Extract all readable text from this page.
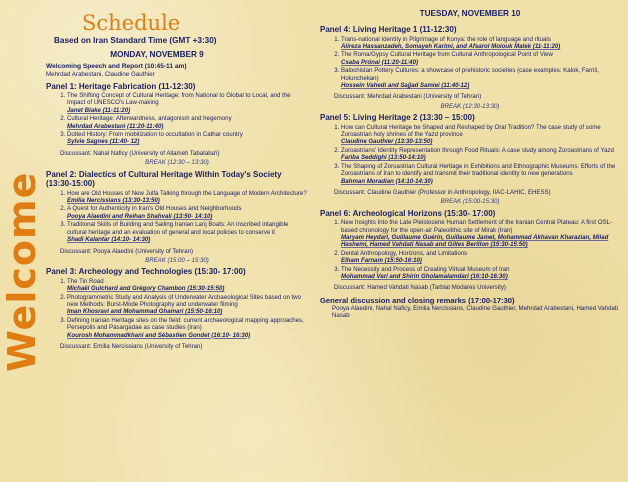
Welcome
Schedule
Based on Iran Standard Time (GMT +3:30)
MONDAY, NOVEMBER 9
Welcoming Speech and Report (10:45-11 am)
Mehrdad Arabestani, Claudine Gauthier
Panel 1: Heritage Fabrication (11-12:30)
1. The Shifting Concept of Cultural Heritage: from National to Global to Local, and the Impact of UNESCO's Law-making
Janet Blake (11-11:20)
2. Cultural Heritage: Afterwardness, antagonism and hegemony
Mehrdad Arabestani (11:20-11:40)
3. Dotted History: From mobilization to occultation in Cathar country
Sylvie Sagnes (11:40- 12)
Discussant: Nahal Naficy (University of Allameh Tabataba'i)
BREAK (12:30 – 13:30)
Panel 2: Dialectics of Cultural Heritage Within Today's Society (13:30-15:00)
1. How are Old Houses of New Julfa Talking through the Language of Modern Architecture?
Emilia Nercissians (13:30-13:50)
2. A Quest for Authenticity in Iran's Old Houses and Neighborhoods
Pooya Alaedini and Reihan Shahvali (13:50- 14:10)
3. Traditional Skills of Building and Sailing Iranian Lanj Boats: An inscribed intangible cultural heritage and an evaluation of general and local policies to conserve it
Shadi Kalantar (14:10- 14:30)
Discussant: Pooya Alaedini (University of Tehran)
BREAK (15:00 – 15:30)
Panel 3: Archeology and Technologies (15:30- 17:00)
1. The Tin Road
Michaël Guichard and Grégory Chambon (15:30-15:50)
2. Photogrammetric Study and Analysis of Underwater Archaeological Sites based on two new Methods: Burst-Mode Photography and underwater filming
Iman Khosravi and Mohammad Ghamari (15:50-16:10)
3. Defining Iranian Heritage sites on the field: current archaeological mapping approaches, Persepolis and Pasargadae as case studies (Iran)
Kourosh Mohammadkhani and Sébastien Gondet (16:10- 16:30)
Discussant: Emilia Nercissians (University of Tehran)
TUESDAY, NOVEMBER 10
Panel 4: Living Heritage 1 (11-12:30)
1. Trans-national Identity in Pilgrimage of Konya: the role of language and rituals
Alireza Hassanzadeh, Somayeh Karimi, and Afsarol Molouk Malek (11-11:20)
2. The Roma/Gypsy Cultural Heritage from Cultural Anthropological Point of View
Csaba Prónai (11:20-11:40)
3. Balochistan Pottery Cultures: a showcase of prehistoric societies (case examples: Kalok, Farriš, Holunchekan)
Hossein Vahedi and Sajjad Samiei (11:40-12)
Discussant: Mehrdad Arabestani (University of Tehran)
BREAK (12:30-13:30)
Panel 5: Living Heritage 2 (13:30 – 15:00)
1. How can Cultural Heritage be Shaped and Reshaped by Oral Tradition? The case study of some Zoroastrian holy shrines of the Yazd province
Claudine Gauthier (13:30-13:50)
2. Zoroastrians' Identity Representation through Food Rituals: A case study among Zoroastrians of Yazd
Fariba Seddighi (13:50-14:10)
3. The Shaping of Zoroastrian Cultural Heritage in Exhibitions and Ethnographic Museums: Efforts of the Zoroastrians of Iran to identify and transmit their traditional identity to new generations
Bahman Moradian (14:10-14:30)
Discussant: Claudine Gauthier (Professor in Anthropology, IIAC-LAHIC, EHESS)
BREAK (15:00-15:30)
Panel 6: Archeological Horizons (15:30- 17:00)
1. New Insights Into the Late Pleistocene Human Settlement of the Iranian Central Plateau: A first OSL-based chronology for the open-air Paleolithic site of Mirak (Iran)
Maryam Heydari, Guillaume Guérin, Guillaume Jamet, Mohammad Akhavan Kharazian, Milad Hashemi, Hamed Vahdati Nasab and Gilles Berillon (15:30-15:50)
2. Dental Anthropology, Horizons, and Limitations
Elham Farnam (15:50-16:10)
3. The Necessity and Process of Creating Virtual Museum of Iran
Mohammad Vari and Shirin Gholamalamdari (16:10-16:30)
Discussant: Hamed Vahdati Nasab (Tarbiat Modares University)
General discussion and closing remarks (17:00-17:30)
Pooya Alaedini, Nahal Naficy, Emilia Nercissians, Claudine Gauthier, Mehrdad Arabestani, Hamed Vahdati Nasab
